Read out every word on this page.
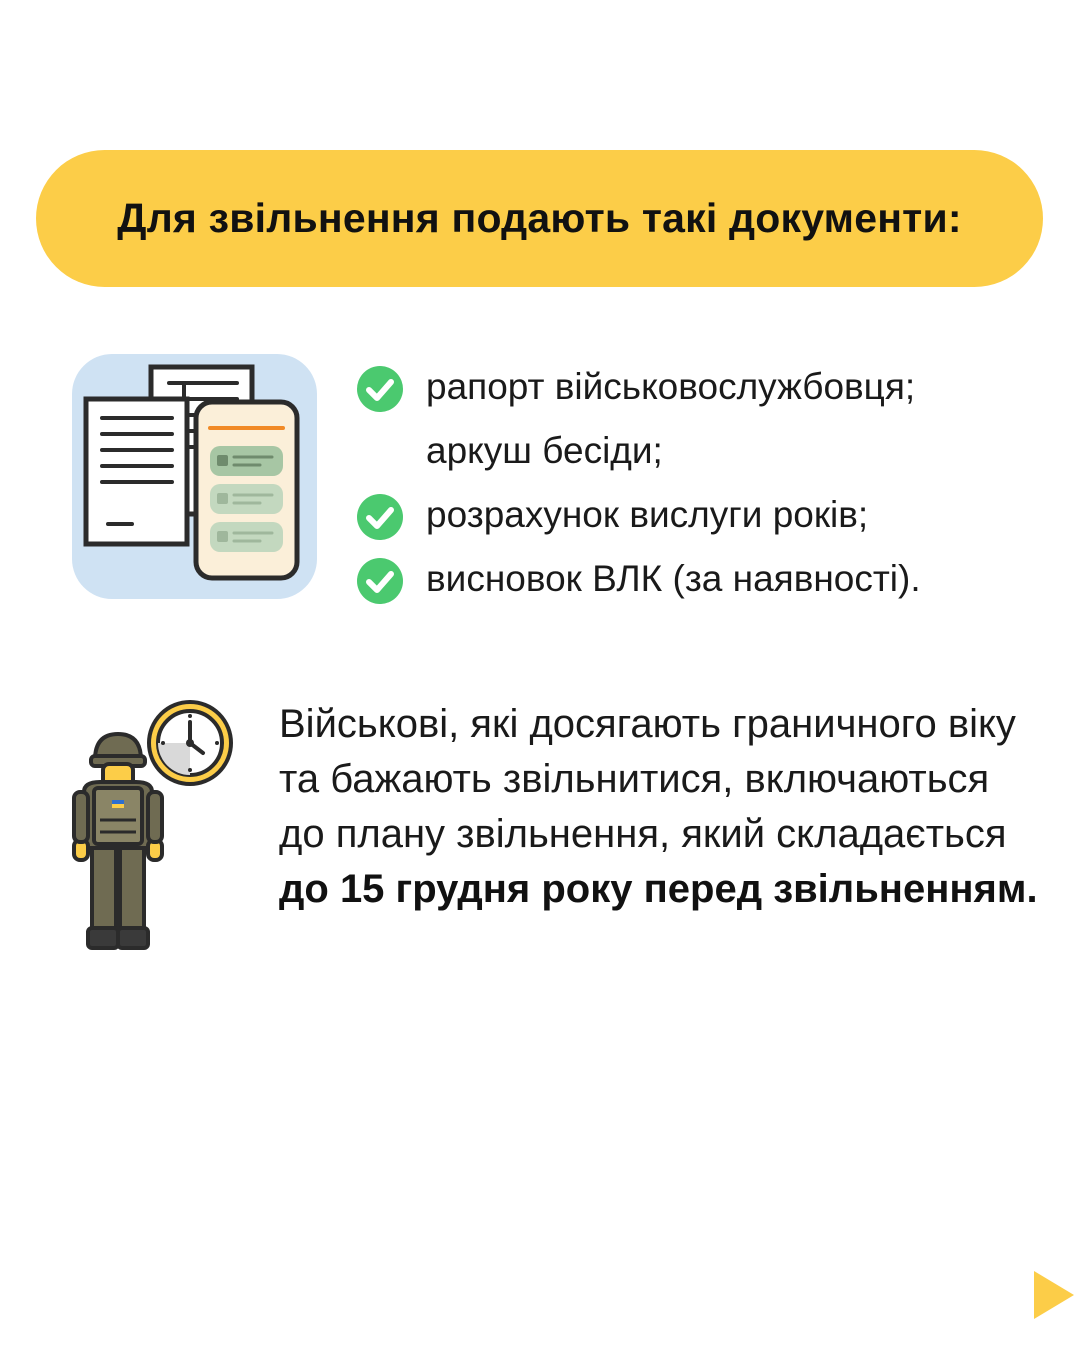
Для звільнення подають такі документи:
рапорт військовослужбовця;
аркуш бесіди;
розрахунок вислуги років;
висновок ВЛК (за наявності).
Військові, які досягають граничного віку та бажають звільнитися, включаються до плану звільнення, який складається до 15 грудня року перед звільненням.
